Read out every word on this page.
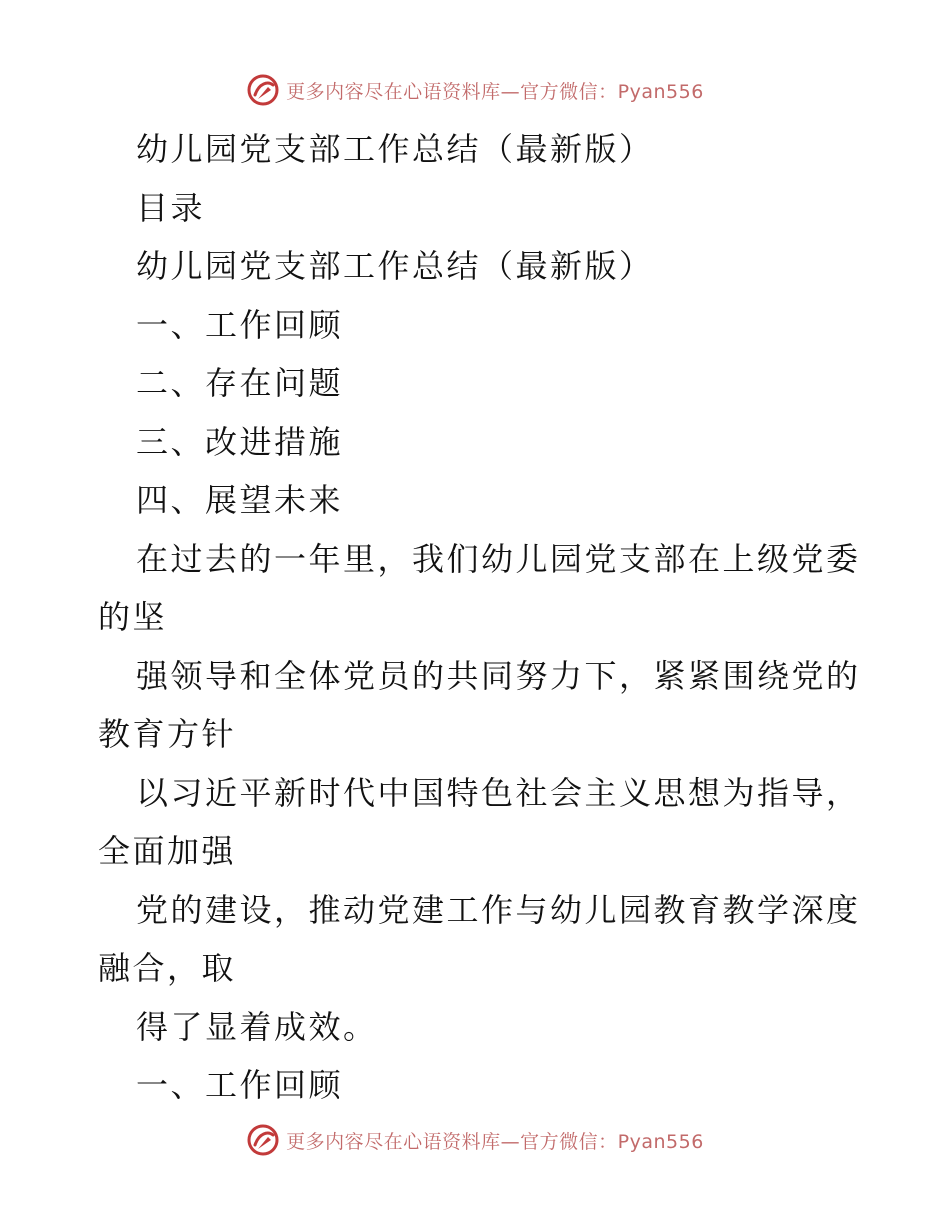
更多内容尽在心语资料库—官方微信：Pyan556
幼儿园党支部工作总结（最新版）
目录
幼儿园党支部工作总结（最新版）
一、工作回顾
二、存在问题
三、改进措施
四、展望未来
在过去的一年里，我们幼儿园党支部在上级党委
的坚
强领导和全体党员的共同努力下，紧紧围绕党的
教育方针
以习近平新时代中国特色社会主义思想为指导，
全面加强
党的建设，推动党建工作与幼儿园教育教学深度
融合，取
得了显着成效。
一、工作回顾
更多内容尽在心语资料库—官方微信：Pyan556
